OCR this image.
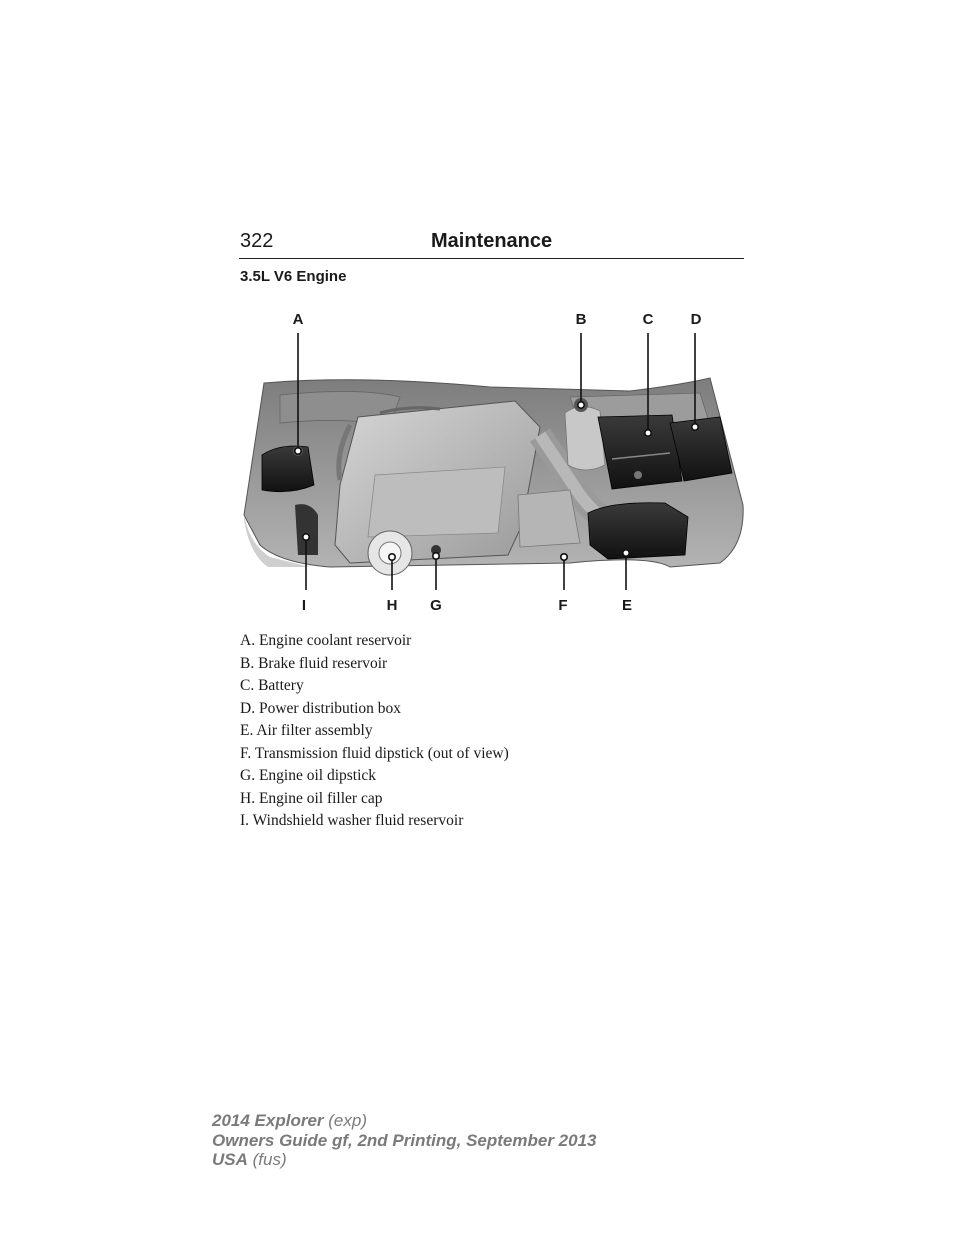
322	Maintenance
3.5L V6 Engine
A	B	C D
I	H G	F	E
A. Engine coolant reservoir
B. Brake fluid reservoir
C. Battery
D. Power distribution box
E. Air filter assembly
F. Transmission fluid dipstick (out of view)
G. Engine oil dipstick
H. Engine oil filler cap
I. Windshield washer fluid reservoir
2014 Explorer (exp)
Owners Guide gf, 2nd Printing, September 2013
USA (fus)
